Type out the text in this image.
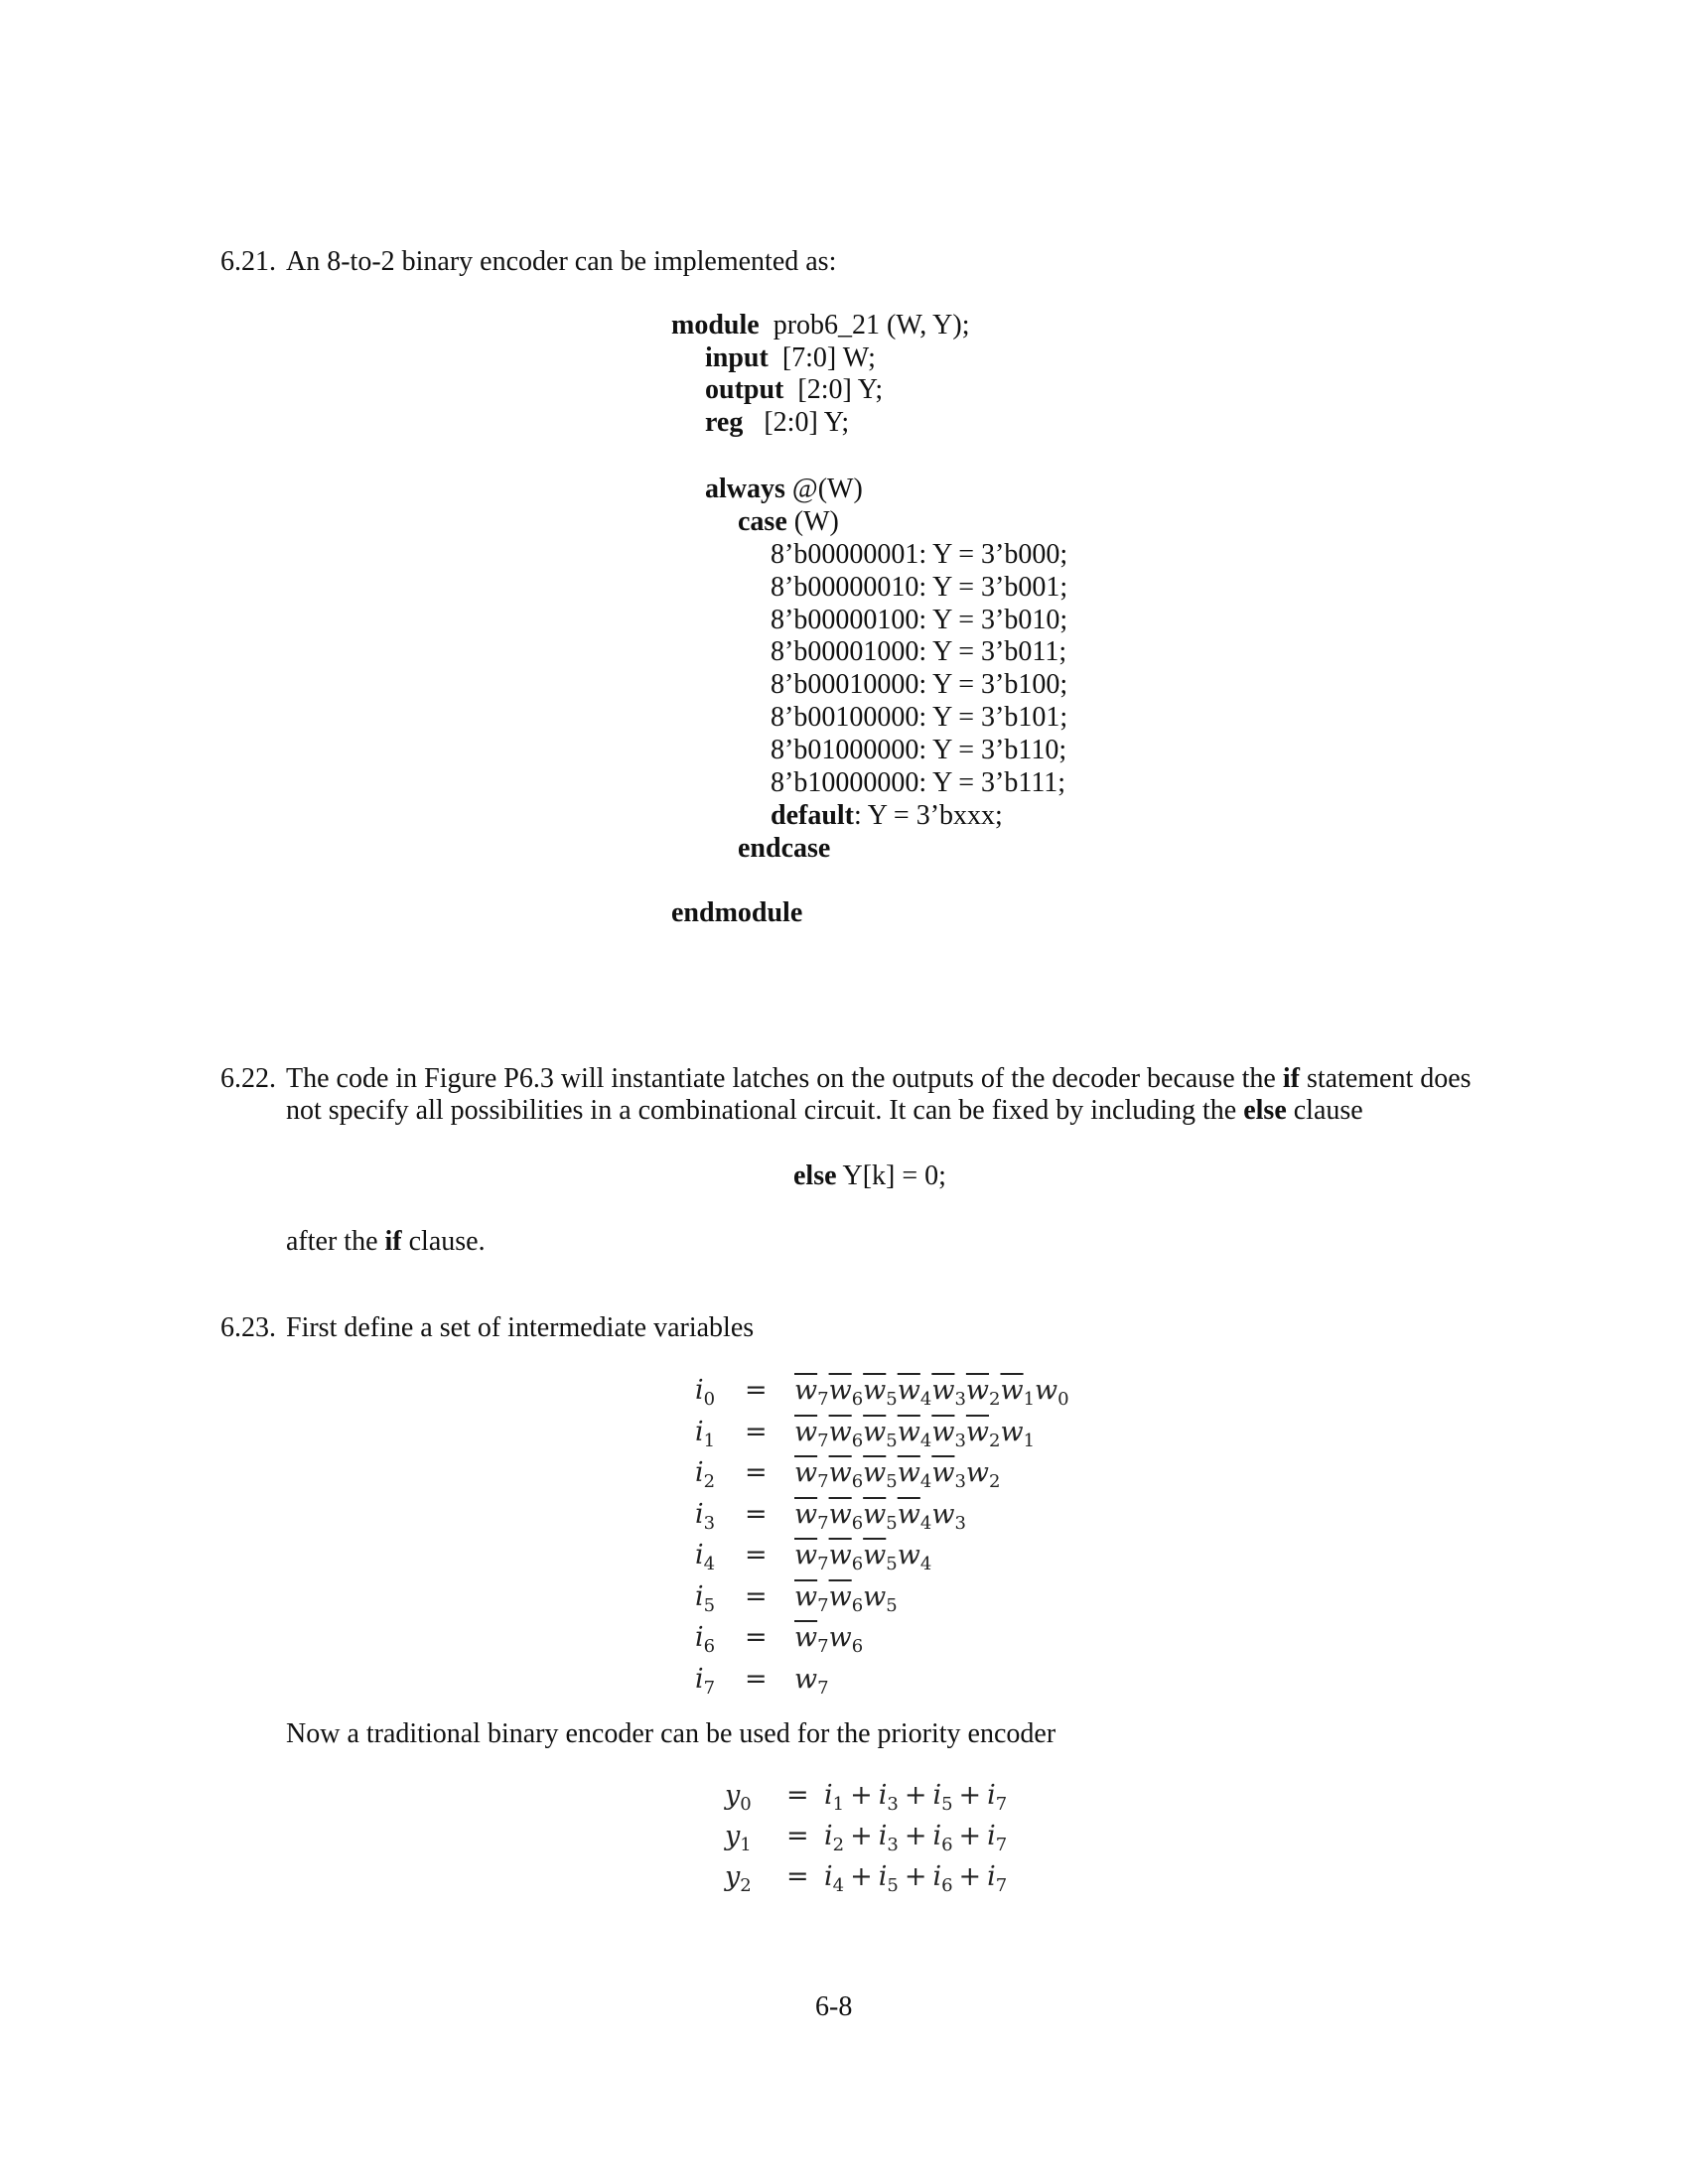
6.21. An 8-to-2 binary encoder can be implemented as:
module prob6_21 (W, Y);
input [7:0] W;
output [2:0] Y;
reg [2:0] Y;
always @(W)
case (W)
8’b00000001: Y = 3’b000;
8’b00000010: Y = 3’b001;
8’b00000100: Y = 3’b010;
8’b00001000: Y = 3’b011;
8’b00010000: Y = 3’b100;
8’b00100000: Y = 3’b101;
8’b01000000: Y = 3’b110;
8’b10000000: Y = 3’b111;
default: Y = 3’bxxx;
endcase
endmodule
6.22. The code in Figure P6.3 will instantiate latches on the outputs of the decoder because the if statement does
not specify all possibilities in a combinational circuit. It can be fixed by including the else clause
else Y[k] = 0;
after the if clause.
6.23. First define a set of intermediate variables
$i_0 = \overline{w}_7\overline{w}_6\overline{w}_5\overline{w}_4\overline{w}_3\overline{w}_2\overline{w}_1w_0$
$i_1 = \overline{w}_7\overline{w}_6\overline{w}_5\overline{w}_4\overline{w}_3\overline{w}_2w_1$
$i_2 = \overline{w}_7\overline{w}_6\overline{w}_5\overline{w}_4\overline{w}_3w_2$
$i_3 = \overline{w}_7\overline{w}_6\overline{w}_5\overline{w}_4w_3$
$i_4 = \overline{w}_7\overline{w}_6\overline{w}_5w_4$
$i_5 = \overline{w}_7\overline{w}_6w_5$
$i_6 = \overline{w}_7w_6$
$i_7 = w_7$
Now a traditional binary encoder can be used for the priority encoder
$y_0 = i_1 + i_3 + i_5 + i_7$
$y_1 = i_2 + i_3 + i_6 + i_7$
$y_2 = i_4 + i_5 + i_6 + i_7$
6-8
